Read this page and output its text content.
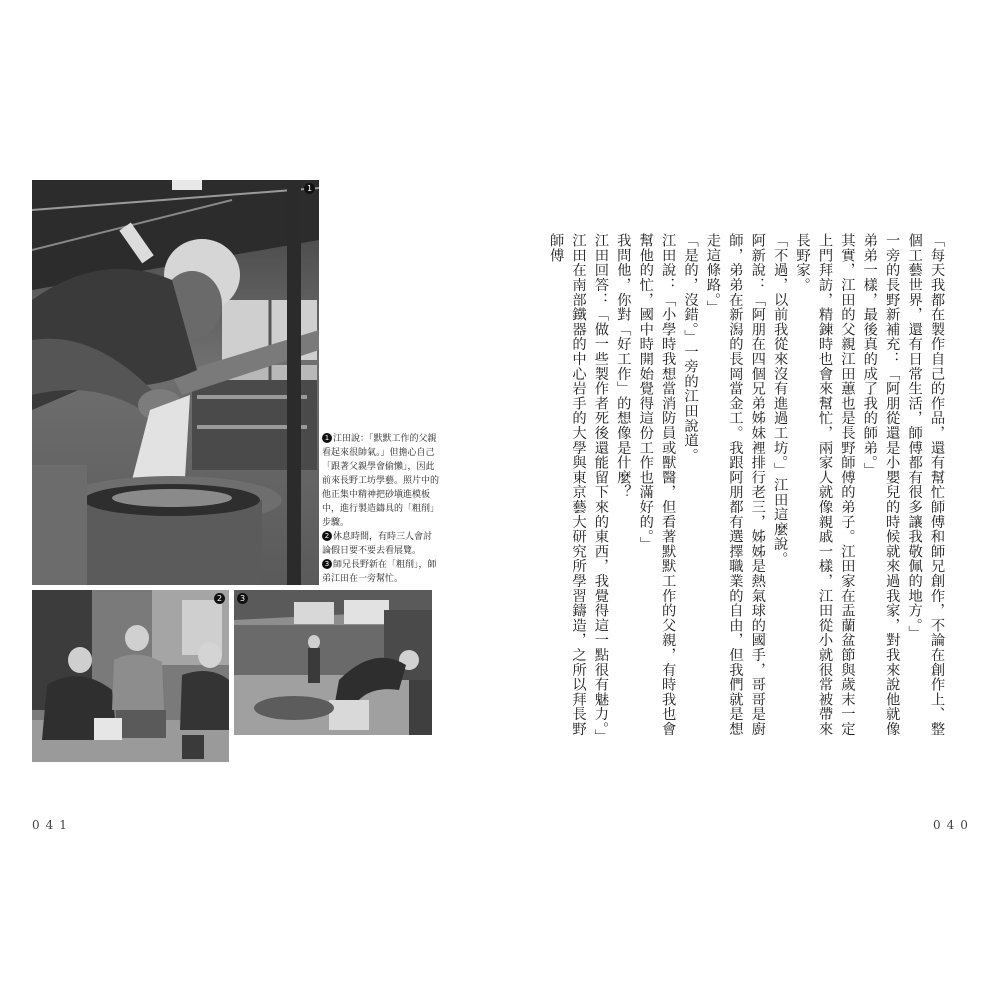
1
2	3

1 江田說：「默默工作的父親看起來很帥氣。」但擔心自己「跟著父親學會偷懶」，因此前來長野工坊學藝。照片中的他正集中精神把砂塡進模板中，進行製造鑄具的「粗削」步驟。

2 休息時間，有時三人會討論假日要不要去看展覽。

3 師兄長野新在「粗削」，師弟江田在一旁幫忙。

041

「每天我都在製作自己的作品，還有幫忙師傅和師兄創作，不論在創作上、整個工藝世界，還有日常生活，師傅都有很多讓我敬佩的地方。」

一旁的長野新補充：「阿朋從還是小嬰兒的時候就來過我家，對我來說他就像弟弟一樣，最後真的成了我的師弟。」

其實，江田的父親江田蕙也是長野師傅的弟子。江田家在盂蘭盆節與歲末一定上門拜訪，精鍊時也會來幫忙，兩家人就像親戚一樣，江田從小就很常被帶來長野家。

「不過，以前我從來沒有進過工坊。」江田這麼說。

阿新說：「阿朋在四個兄弟姊妹裡排行老三，姊姊是熱氣球的國手，哥哥是廚師，弟弟在新潟的長岡當金工。我跟阿朋都有選擇職業的自由，但我們就是想走這條路。」

「是的，沒錯。」一旁的江田說道。

江田說：「小學時我想當消防員或獸醫，但看著默默工作的父親，有時我也會幫他的忙，國中時開始覺得這份工作也滿好的。」

我問他，你對「好工作」的想像是什麼？

江田回答：「做一些製作者死後還能留下來的東西，我覺得這一點很有魅力。」

江田在南部鐵器的中心岩手的大學與東京藝大研究所學習鑄造，之所以拜長野師傅

040
